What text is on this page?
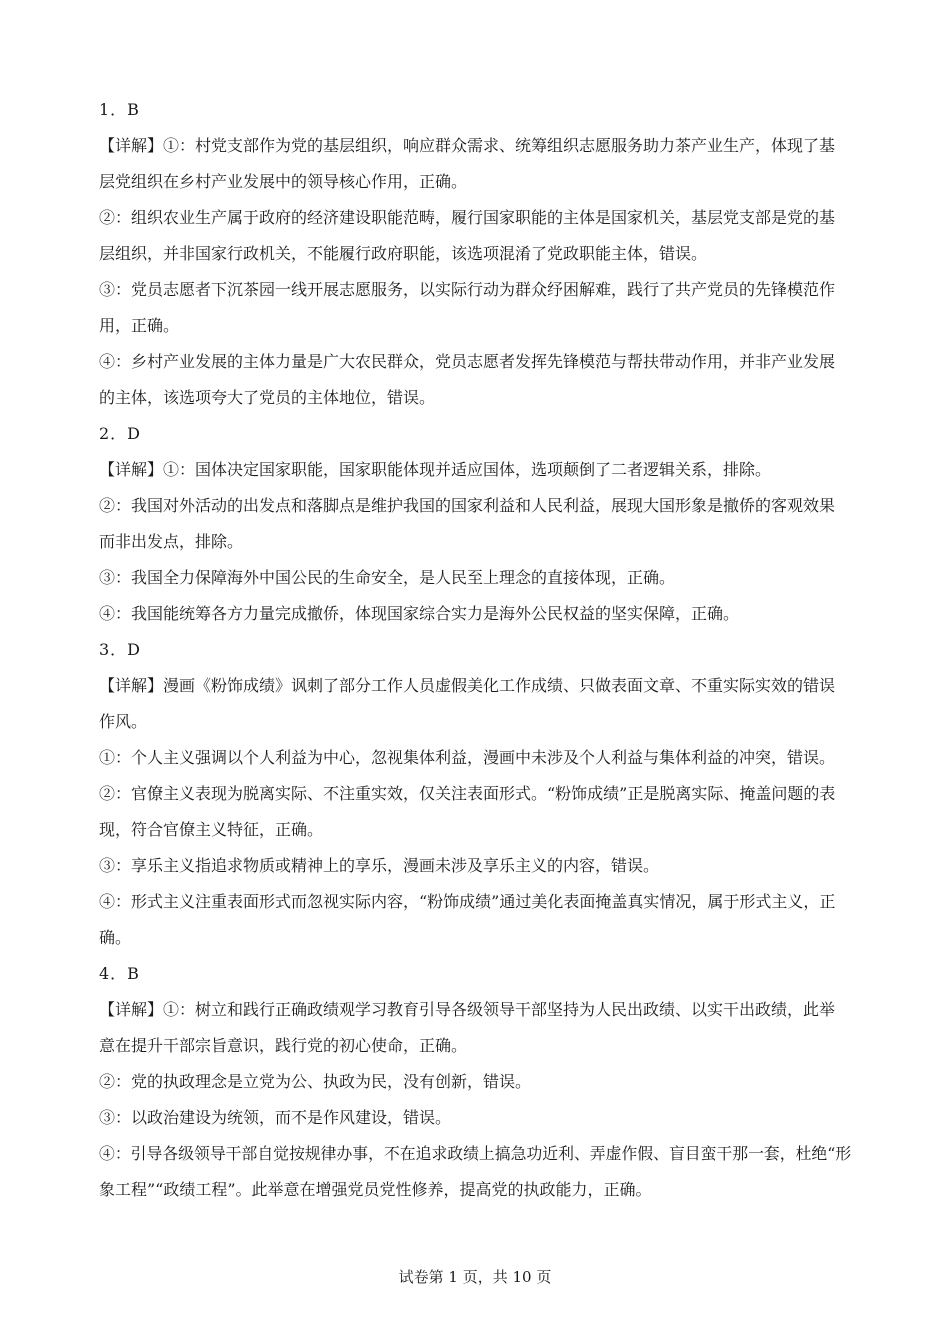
1．B

【详解】①：村党支部作为党的基层组织，响应群众需求、统筹组织志愿服务助力茶产业生产，体现了基

层党组织在乡村产业发展中的领导核心作用，正确。

②：组织农业生产属于政府的经济建设职能范畴，履行国家职能的主体是国家机关，基层党支部是党的基

层组织，并非国家行政机关，不能履行政府职能，该选项混淆了党政职能主体，错误。

③：党员志愿者下沉茶园一线开展志愿服务，以实际行动为群众纾困解难，践行了共产党员的先锋模范作

用，正确。

④：乡村产业发展的主体力量是广大农民群众，党员志愿者发挥先锋模范与帮扶带动作用，并非产业发展

的主体，该选项夸大了党员的主体地位，错误。

2．D

【详解】①：国体决定国家职能，国家职能体现并适应国体，选项颠倒了二者逻辑关系，排除。

②：我国对外活动的出发点和落脚点是维护我国的国家利益和人民利益，展现大国形象是撤侨的客观效果

而非出发点，排除。

③：我国全力保障海外中国公民的生命安全，是人民至上理念的直接体现，正确。

④：我国能统筹各方力量完成撤侨，体现国家综合实力是海外公民权益的坚实保障，正确。

3．D

【详解】漫画《粉饰成绩》讽刺了部分工作人员虚假美化工作成绩、只做表面文章、不重实际实效的错误

作风。

①：个人主义强调以个人利益为中心，忽视集体利益，漫画中未涉及个人利益与集体利益的冲突，错误。

②：官僚主义表现为脱离实际、不注重实效，仅关注表面形式。“粉饰成绩”正是脱离实际、掩盖问题的表

现，符合官僚主义特征，正确。

③：享乐主义指追求物质或精神上的享乐，漫画未涉及享乐主义的内容，错误。

④：形式主义注重表面形式而忽视实际内容，“粉饰成绩”通过美化表面掩盖真实情况，属于形式主义，正

确。

4．B

【详解】①：树立和践行正确政绩观学习教育引导各级领导干部坚持为人民出政绩、以实干出政绩，此举

意在提升干部宗旨意识，践行党的初心使命，正确。

②：党的执政理念是立党为公、执政为民，没有创新，错误。

③：以政治建设为统领，而不是作风建设，错误。

④：引导各级领导干部自觉按规律办事，不在追求政绩上搞急功近利、弄虚作假、盲目蛮干那一套，杜绝“形

象工程”“政绩工程”。此举意在增强党员党性修养，提高党的执政能力，正确。

试卷第 1 页，共 10 页
